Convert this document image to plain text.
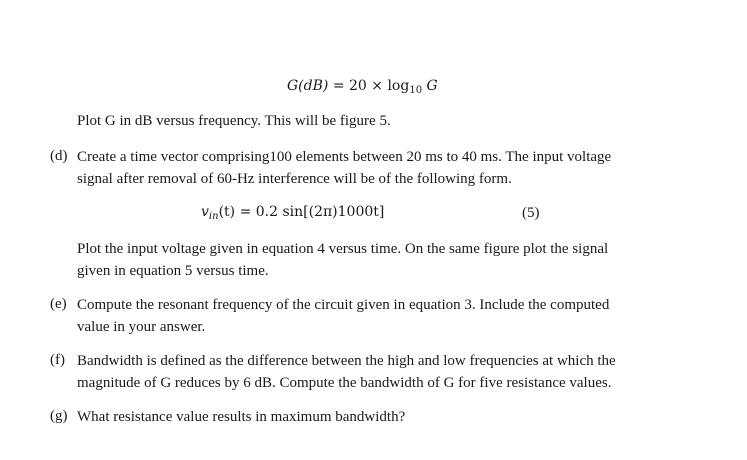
$G(dB) = 20 \times \log_{10} G$
Plot G in dB versus frequency. This will be figure 5.
(d) Create a time vector comprising100 elements between 20 ms to 40 ms. The input voltage
signal after removal of 60-Hz interference will be of the following form.
$v_{in}(t) = 0.2$ sin[(2π)1000t]	(5)
Plot the input voltage given in equation 4 versus time. On the same figure plot the signal
given in equation 5 versus time.
(e) Compute the resonant frequency of the circuit given in equation 3. Include the computed
value in your answer.
(f) Bandwidth is defined as the difference between the high and low frequencies at which the
magnitude of G reduces by 6 dB. Compute the bandwidth of G for five resistance values.
(g) What resistance value results in maximum bandwidth?
